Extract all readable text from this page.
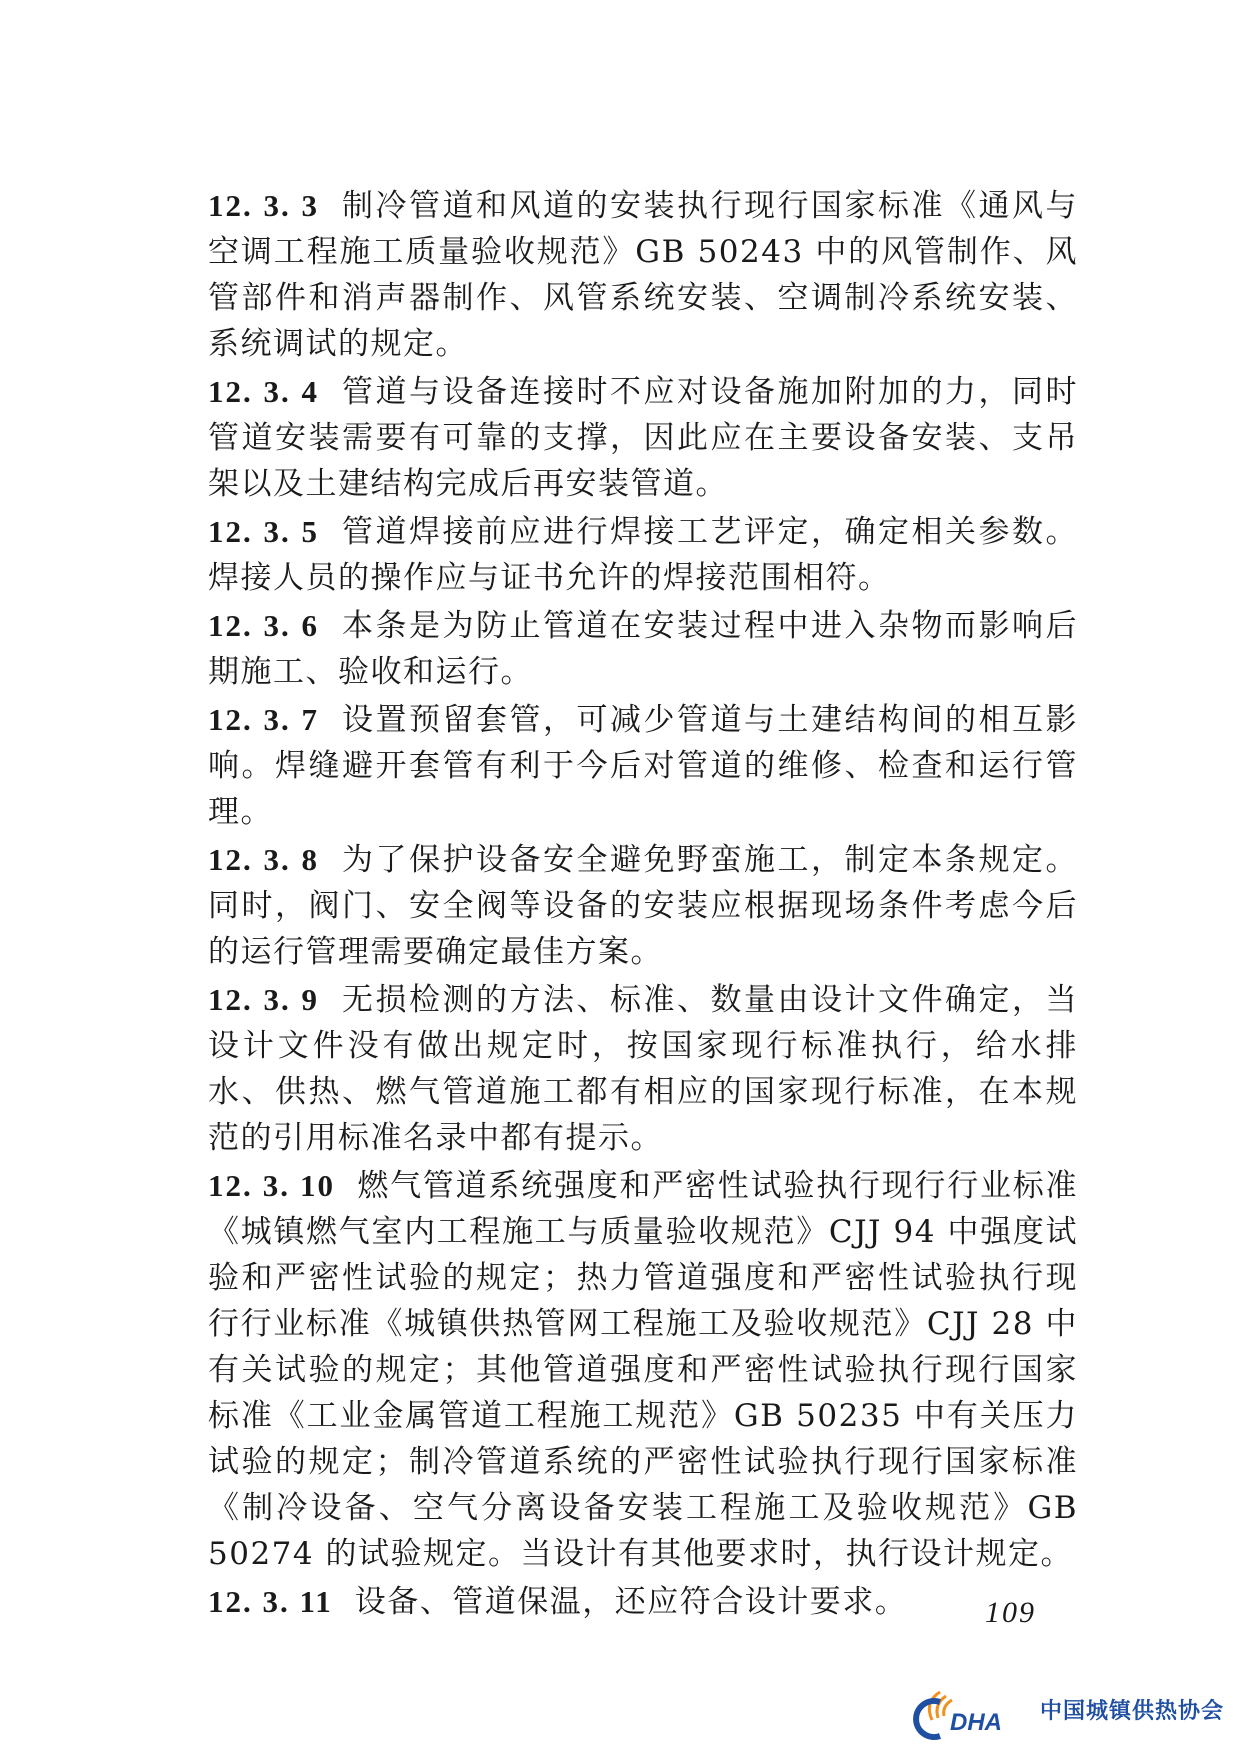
12. 3. 3 制冷管道和风道的安装执行现行国家标准《通风与空调工程施工质量验收规范》GB 50243 中的风管制作、风管部件和消声器制作、风管系统安装、空调制冷系统安装、系统调试的规定。

12. 3. 4 管道与设备连接时不应对设备施加附加的力，同时管道安装需要有可靠的支撑，因此应在主要设备安装、支吊架以及土建结构完成后再安装管道。

12. 3. 5 管道焊接前应进行焊接工艺评定，确定相关参数。焊接人员的操作应与证书允许的焊接范围相符。

12. 3. 6 本条是为防止管道在安装过程中进入杂物而影响后期施工、验收和运行。

12. 3. 7 设置预留套管，可减少管道与土建结构间的相互影响。焊缝避开套管有利于今后对管道的维修、检查和运行管理。

12. 3. 8 为了保护设备安全避免野蛮施工，制定本条规定。同时，阀门、安全阀等设备的安装应根据现场条件考虑今后的运行管理需要确定最佳方案。

12. 3. 9 无损检测的方法、标准、数量由设计文件确定，当设计文件没有做出规定时，按国家现行标准执行，给水排水、供热、燃气管道施工都有相应的国家现行标准，在本规范的引用标准名录中都有提示。

12. 3. 10 燃气管道系统强度和严密性试验执行现行行业标准《城镇燃气室内工程施工与质量验收规范》CJJ 94 中强度试验和严密性试验的规定；热力管道强度和严密性试验执行现行行业标准《城镇供热管网工程施工及验收规范》CJJ 28 中有关试验的规定；其他管道强度和严密性试验执行现行国家标准《工业金属管道工程施工规范》GB 50235 中有关压力试验的规定；制冷管道系统的严密性试验执行现行国家标准《制冷设备、空气分离设备安装工程施工及验收规范》GB 50274 的试验规定。当设计有其他要求时，执行设计规定。

12. 3. 11 设备、管道保温，还应符合设计要求。	109
DHA 中国城镇供热协会
